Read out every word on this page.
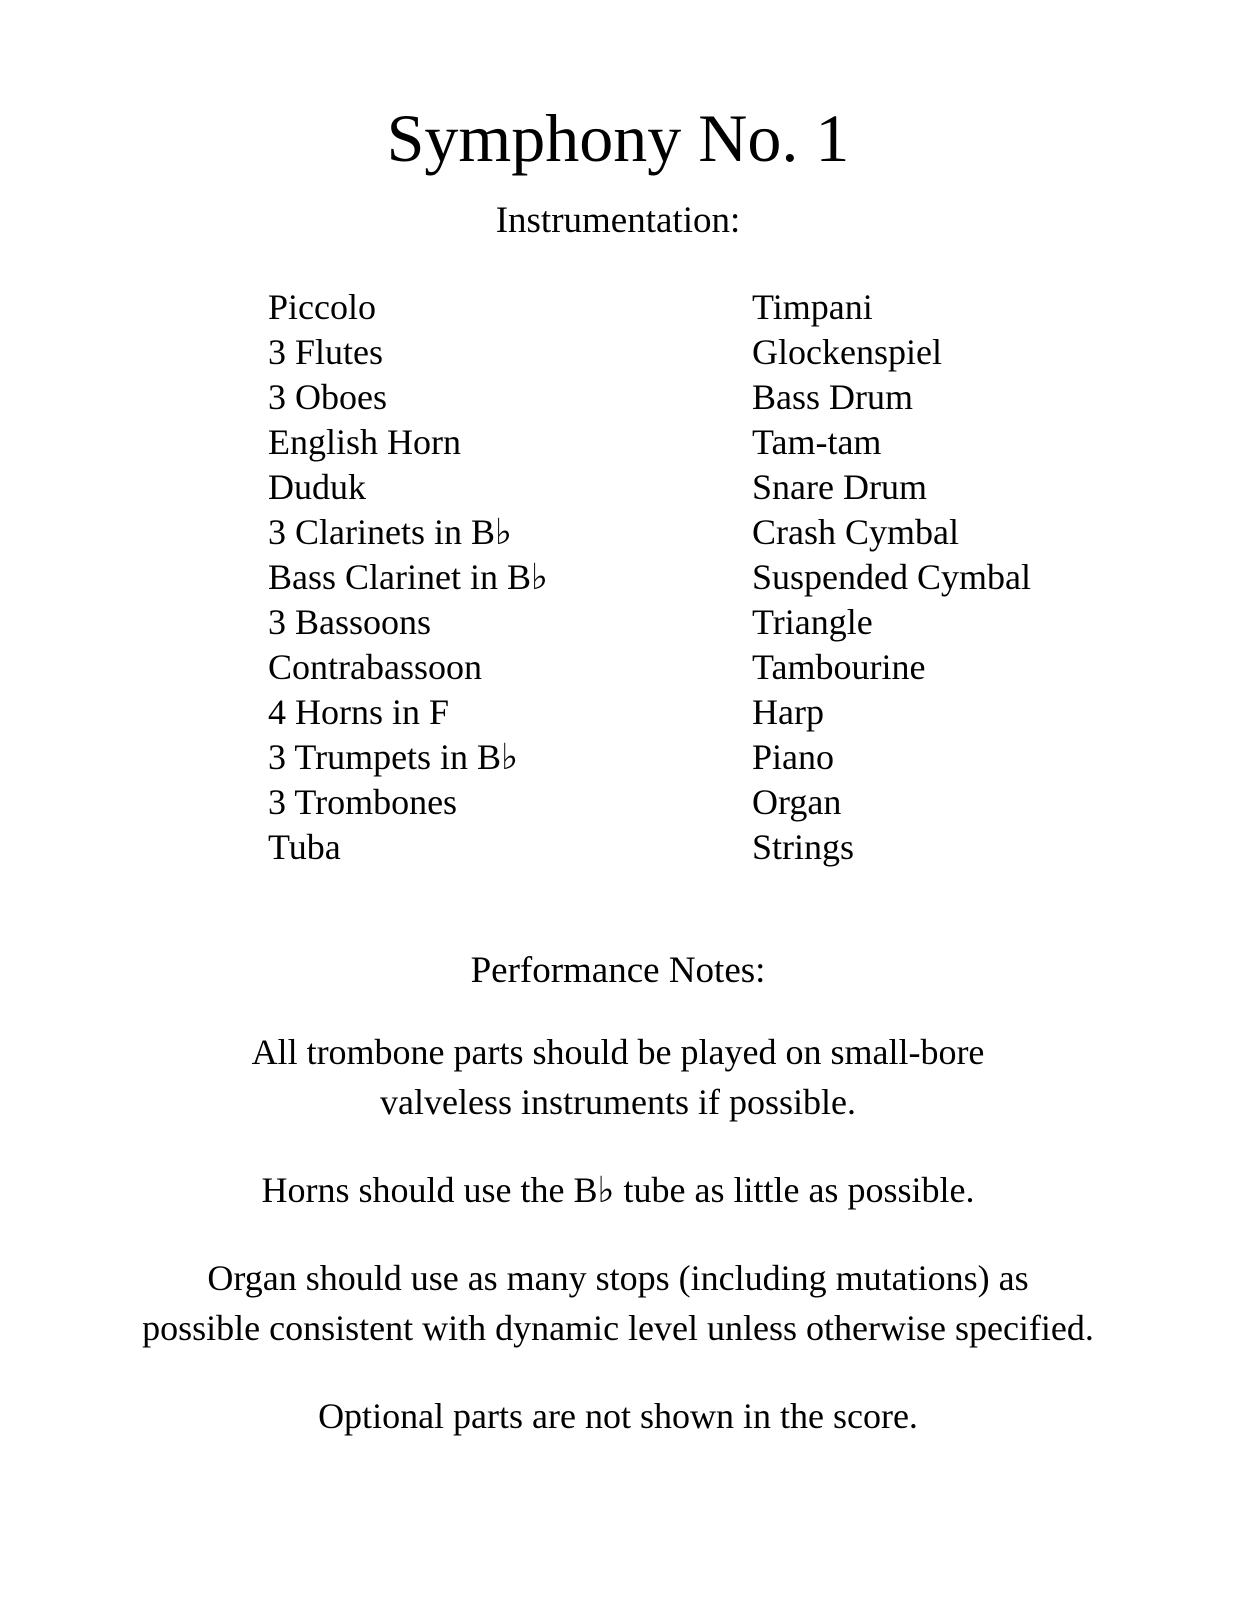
Symphony No. 1
Instrumentation:
Piccolo
3 Flutes
3 Oboes
English Horn
Duduk
3 Clarinets in B♭
Bass Clarinet in B♭
3 Bassoons
Contrabassoon
4 Horns in F
3 Trumpets in B♭
3 Trombones
Tuba
Timpani
Glockenspiel
Bass Drum
Tam-tam
Snare Drum
Crash Cymbal
Suspended Cymbal
Triangle
Tambourine
Harp
Piano
Organ
Strings
Performance Notes:
All trombone parts should be played on small-bore
valveless instruments if possible.
Horns should use the B♭ tube as little as possible.
Organ should use as many stops (including mutations) as
possible consistent with dynamic level unless otherwise specified.
Optional parts are not shown in the score.
